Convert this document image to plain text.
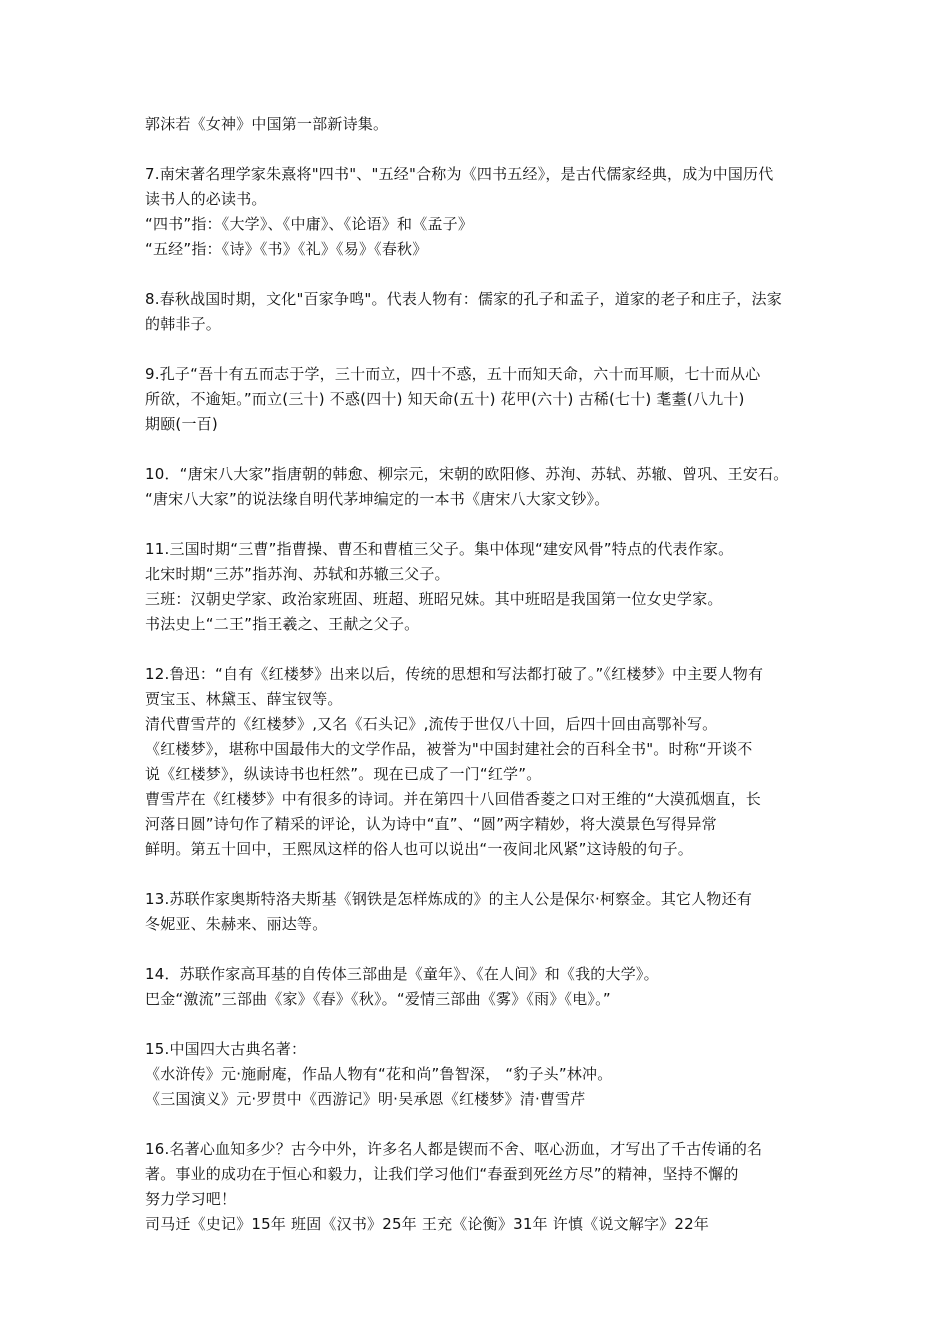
郭沫若《女神》中国第一部新诗集。
7.南宋著名理学家朱熹将"四书"、"五经"合称为《四书五经》，是古代儒家经典，成为中国历代
读书人的必读书。
“四书”指：《大学》、《中庸》、《论语》和《孟子》
“五经”指：《诗》《书》《礼》《易》《春秋》
8.春秋战国时期，文化"百家争鸣"。代表人物有：儒家的孔子和孟子，道家的老子和庄子，法家
的韩非子。
9.孔子“吾十有五而志于学，三十而立，四十不惑，五十而知天命，六十而耳顺，七十而从心
所欲，不逾矩。”而立(三十) 不惑(四十) 知天命(五十) 花甲(六十) 古稀(七十) 耄耋(八九十)
期颐(一百)
10．“唐宋八大家”指唐朝的韩愈、柳宗元，宋朝的欧阳修、苏洵、苏轼、苏辙、曾巩、王安石。
“唐宋八大家”的说法缘自明代茅坤编定的一本书《唐宋八大家文钞》。
11.三国时期“三曹”指曹操、曹丕和曹植三父子。集中体现“建安风骨”特点的代表作家。
北宋时期“三苏”指苏洵、苏轼和苏辙三父子。
三班：汉朝史学家、政治家班固、班超、班昭兄妹。其中班昭是我国第一位女史学家。
书法史上“二王”指王羲之、王献之父子。
12.鲁迅：“自有《红楼梦》出来以后，传统的思想和写法都打破了。”《红楼梦》中主要人物有
贾宝玉、林黛玉、薛宝钗等。
清代曹雪芹的《红楼梦》,又名《石头记》,流传于世仅八十回，后四十回由高鄂补写。
《红楼梦》，堪称中国最伟大的文学作品，被誉为"中国封建社会的百科全书"。时称“开谈不
说《红楼梦》，纵读诗书也枉然”。现在已成了一门“红学”。
曹雪芹在《红楼梦》中有很多的诗词。并在第四十八回借香菱之口对王维的“大漠孤烟直，长
河落日圆”诗句作了精采的评论，认为诗中“直”、“圆”两字精妙，将大漠景色写得异常
鲜明。第五十回中，王熙凤这样的俗人也可以说出“一夜间北风紧”这诗般的句子。
13.苏联作家奥斯特洛夫斯基《钢铁是怎样炼成的》的主人公是保尔·柯察金。其它人物还有
冬妮亚、朱赫来、丽达等。
14．苏联作家高耳基的自传体三部曲是《童年》、《在人间》和《我的大学》。
巴金“激流”三部曲《家》《春》《秋》。“爱情三部曲《雾》《雨》《电》。”
15.中国四大古典名著：
《水浒传》元·施耐庵，作品人物有“花和尚”鲁智深， “豹子头”林冲。
《三国演义》元·罗贯中《西游记》明·吴承恩《红楼梦》清·曹雪芹
16.名著心血知多少？古今中外，许多名人都是锲而不舍、呕心沥血，才写出了千古传诵的名
著。事业的成功在于恒心和毅力，让我们学习他们“春蚕到死丝方尽”的精神，坚持不懈的
努力学习吧！
司马迁《史记》15年 班固《汉书》25年 王充《论衡》31年 许慎《说文解字》22年
